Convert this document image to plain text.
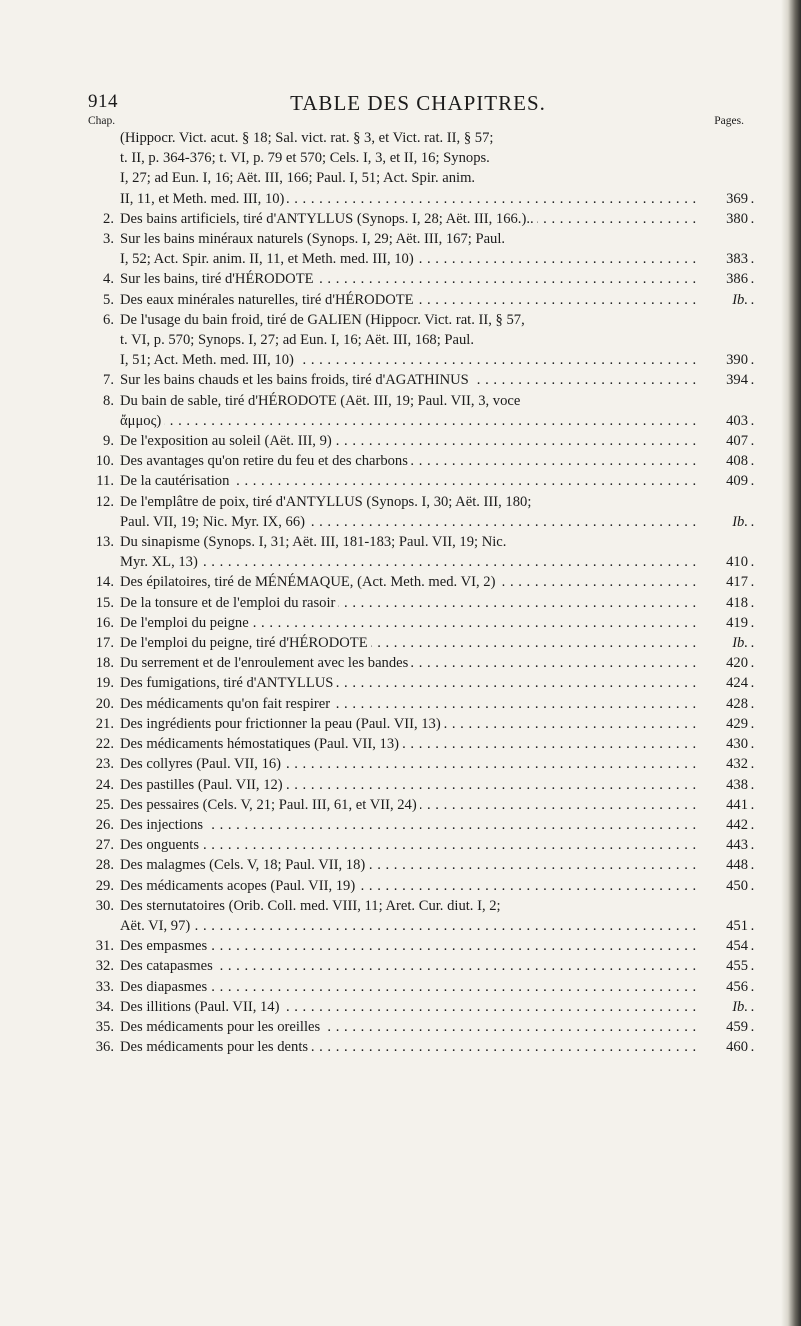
914	TABLE DES CHAPITRES.
Chap.	Pages.
(Hippocr. Vict. acut. § 18; Sal. vict. rat. § 3, et Vict. rat. II, § 57;
t. II, p. 364-376; t. VI, p. 79 et 570; Cels. I, 3, et II, 16; Synops.
I, 27; ad Eun. I, 16; Aët. III, 166; Paul. I, 51; Act. Spir. anim.
II, 11, et Meth. med. III, 10)	369
. . .
2. Des bains artificiels, tiré d'ANTYLLUS (Synops. I, 28; Aët. III, 166.)..	380
. . .
3. Sur les bains minéraux naturels (Synops. I, 29; Aët. III, 167; Paul.
I, 52; Act. Spir. anim. II, 11, et Meth. med. III, 10)	383
. . .
4. Sur les bains, tiré d'HÉRODOTE	386
. . .
5. Des eaux minérales naturelles, tiré d'HÉRODOTE	Ib.
. . .
6. De l'usage du bain froid, tiré de GALIEN (Hippocr. Vict. rat. II, § 57,
t. VI, p. 570; Synops. I, 27; ad Eun. I, 16; Aët. III, 168; Paul.
I, 51; Act. Meth. med. III, 10)	390
. . .
7. Sur les bains chauds et les bains froids, tiré d'AGATHINUS	394
. . .
8. Du bain de sable, tiré d'HÉRODOTE (Aët. III, 19; Paul. VII, 3, voce
ἄμμος)	403
. . .
9. De l'exposition au soleil (Aët. III, 9)	407
. . .
10. Des avantages qu'on retire du feu et des charbons	408
. . .
11. De la cautérisation	409
. . .
12. De l'emplâtre de poix, tiré d'ANTYLLUS (Synops. I, 30; Aët. III, 180;
Paul. VII, 19; Nic. Myr. IX, 66)	Ib.
. . .
13. Du sinapisme (Synops. I, 31; Aët. III, 181-183; Paul. VII, 19; Nic.
Myr. XL, 13)	410
. . .
14. Des épilatoires, tiré de MÉNÉMAQUE, (Act. Meth. med. VI, 2)	417
. . .
15. De la tonsure et de l'emploi du rasoir	418
. . .
16. De l'emploi du peigne	419
. . .
17. De l'emploi du peigne, tiré d'HÉRODOTE	Ib.
. . .
18. Du serrement et de l'enroulement avec les bandes	420
. . .
19. Des fumigations, tiré d'ANTYLLUS	424
. . .
20. Des médicaments qu'on fait respirer	428
. . .
21. Des ingrédients pour frictionner la peau (Paul. VII, 13)	429
. . .
22. Des médicaments hémostatiques (Paul. VII, 13)	430
. . .
23. Des collyres (Paul. VII, 16)	432
. . .
24. Des pastilles (Paul. VII, 12)	438
. . .
25. Des pessaires (Cels. V, 21; Paul. III, 61, et VII, 24)	441
. . .
26. Des injections	442
. . .
27. Des onguents	443
. . .
28. Des malagmes (Cels. V, 18; Paul. VII, 18)	448
. . .
29. Des médicaments acopes (Paul. VII, 19)	450
. . .
30. Des sternutatoires (Orib. Coll. med. VIII, 11; Aret. Cur. diut. I, 2;
Aët. VI, 97)	451
. . .
31. Des empasmes	454
. . .
32. Des catapasmes	455
. . .
33. Des diapasmes	456
. . .
34. Des illitions (Paul. VII, 14)	Ib.
. . .
35. Des médicaments pour les oreilles	459
. . .
36. Des médicaments pour les dents	460
. . .
